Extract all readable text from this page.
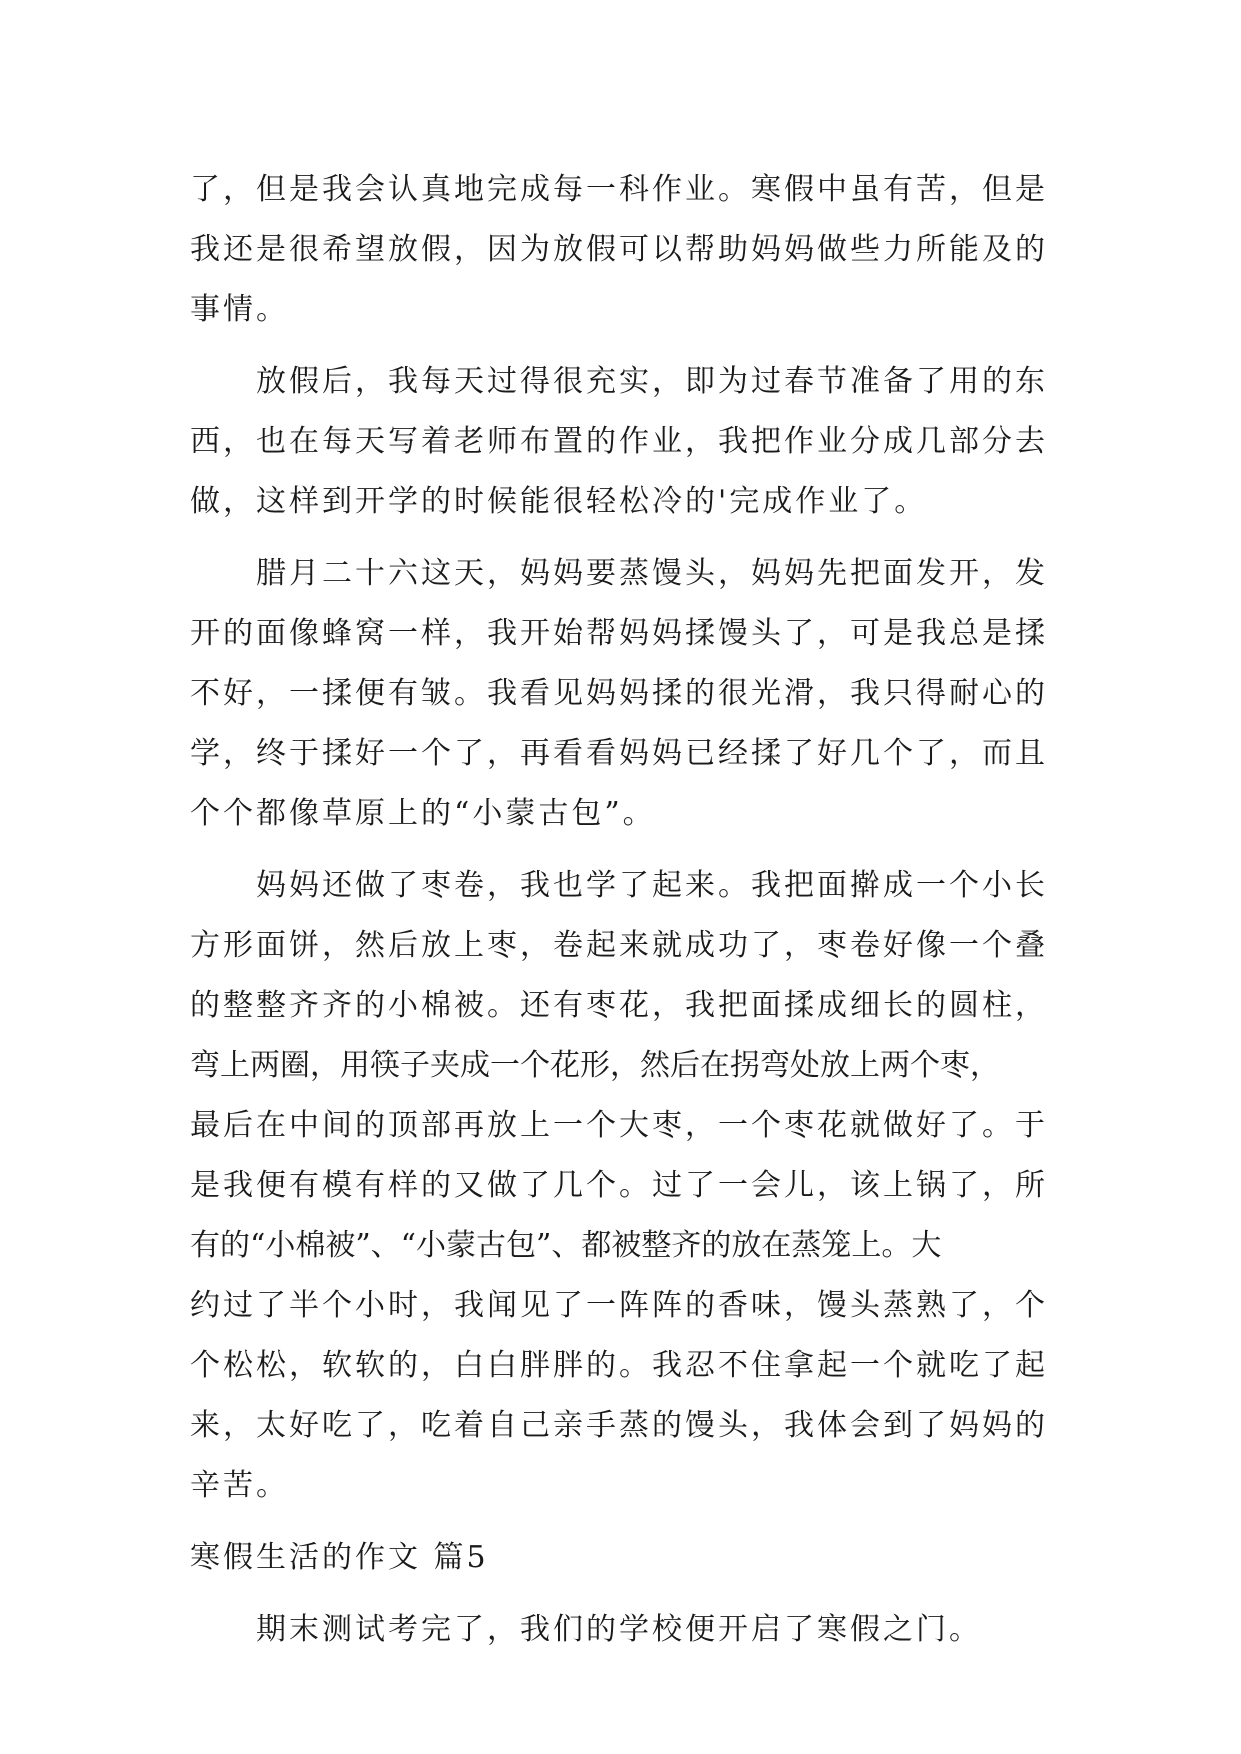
了，但是我会认真地完成每一科作业。寒假中虽有苦，但是
我还是很希望放假，因为放假可以帮助妈妈做些力所能及的
事情。
放假后，我每天过得很充实，即为过春节准备了用的东
西，也在每天写着老师布置的作业，我把作业分成几部分去
做，这样到开学的时候能很轻松冷的'完成作业了。
腊月二十六这天，妈妈要蒸馒头，妈妈先把面发开，发
开的面像蜂窝一样，我开始帮妈妈揉馒头了，可是我总是揉
不好，一揉便有皱。我看见妈妈揉的很光滑，我只得耐心的
学，终于揉好一个了，再看看妈妈已经揉了好几个了，而且
个个都像草原上的“小蒙古包”。
妈妈还做了枣卷，我也学了起来。我把面擀成一个小长
方形面饼，然后放上枣，卷起来就成功了，枣卷好像一个叠
的整整齐齐的小棉被。还有枣花，我把面揉成细长的圆柱，
弯上两圈，用筷子夹成一个花形，然后在拐弯处放上两个枣，
最后在中间的顶部再放上一个大枣，一个枣花就做好了。于
是我便有模有样的又做了几个。过了一会儿，该上锅了，所
有的“小棉被”、“小蒙古包”、都被整齐的放在蒸笼上。大
约过了半个小时，我闻见了一阵阵的香味，馒头蒸熟了，个
个松松，软软的，白白胖胖的。我忍不住拿起一个就吃了起
来，太好吃了，吃着自己亲手蒸的馒头，我体会到了妈妈的
辛苦。
寒假生活的作文 篇5
期末测试考完了，我们的学校便开启了寒假之门。
